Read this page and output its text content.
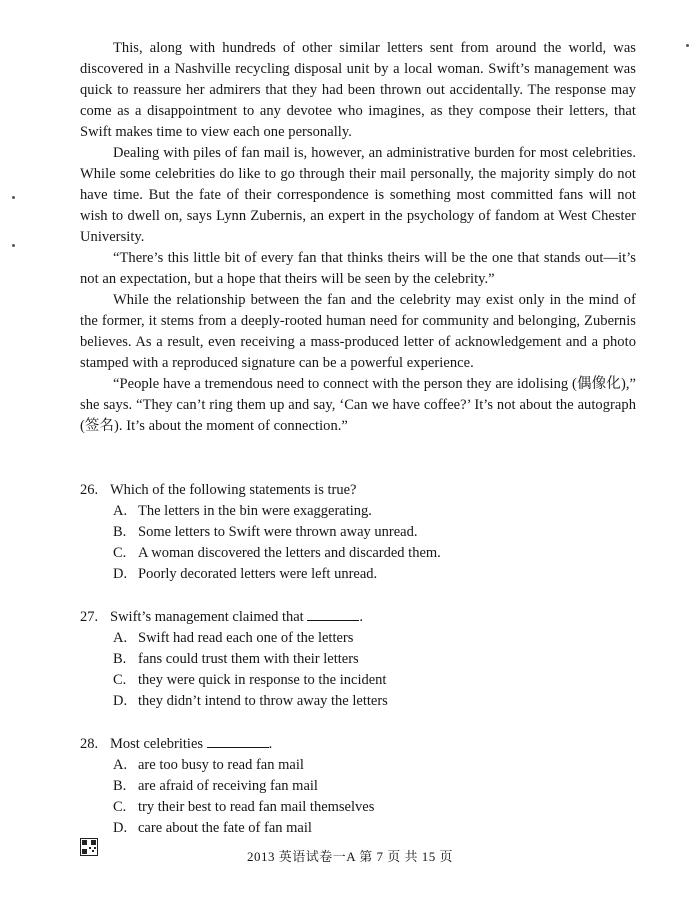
This, along with hundreds of other similar letters sent from around the world, was discovered in a Nashville recycling disposal unit by a local woman. Swift’s management was quick to reassure her admirers that they had been thrown out accidentally. The response may come as a disappointment to any devotee who imagines, as they compose their letters, that Swift makes time to view each one personally.

Dealing with piles of fan mail is, however, an administrative burden for most celebrities. While some celebrities do like to go through their mail personally, the majority simply do not have time. But the fate of their correspondence is something most committed fans will not wish to dwell on, says Lynn Zubernis, an expert in the psychology of fandom at West Chester University.

“There’s this little bit of every fan that thinks theirs will be the one that stands out—it’s not an expectation, but a hope that theirs will be seen by the celebrity.”

While the relationship between the fan and the celebrity may exist only in the mind of the former, it stems from a deeply-rooted human need for community and belonging, Zubernis believes. As a result, even receiving a mass-produced letter of acknowledgement and a photo stamped with a reproduced signature can be a powerful experience.

“People have a tremendous need to connect with the person they are idolising (偶像化),” she says. “They can’t ring them up and say, ‘Can we have coffee?’ It’s not about the autograph (签名). It’s about the moment of connection.”

26. Which of the following statements is true?
A. The letters in the bin were exaggerating.
B. Some letters to Swift were thrown away unread.
C. A woman discovered the letters and discarded them.
D. Poorly decorated letters were left unread.
27. Swift’s management claimed that	.
A. Swift had read each one of the letters
B. fans could trust them with their letters
C. they were quick in response to the incident
D. they didn’t intend to throw away the letters
28. Most celebrities	.
A. are too busy to read fan mail
B. are afraid of receiving fan mail
C. try their best to read fan mail themselves
D. care about the fate of fan mail
2013 英语试卷一A 第 7 页 共 15 页
